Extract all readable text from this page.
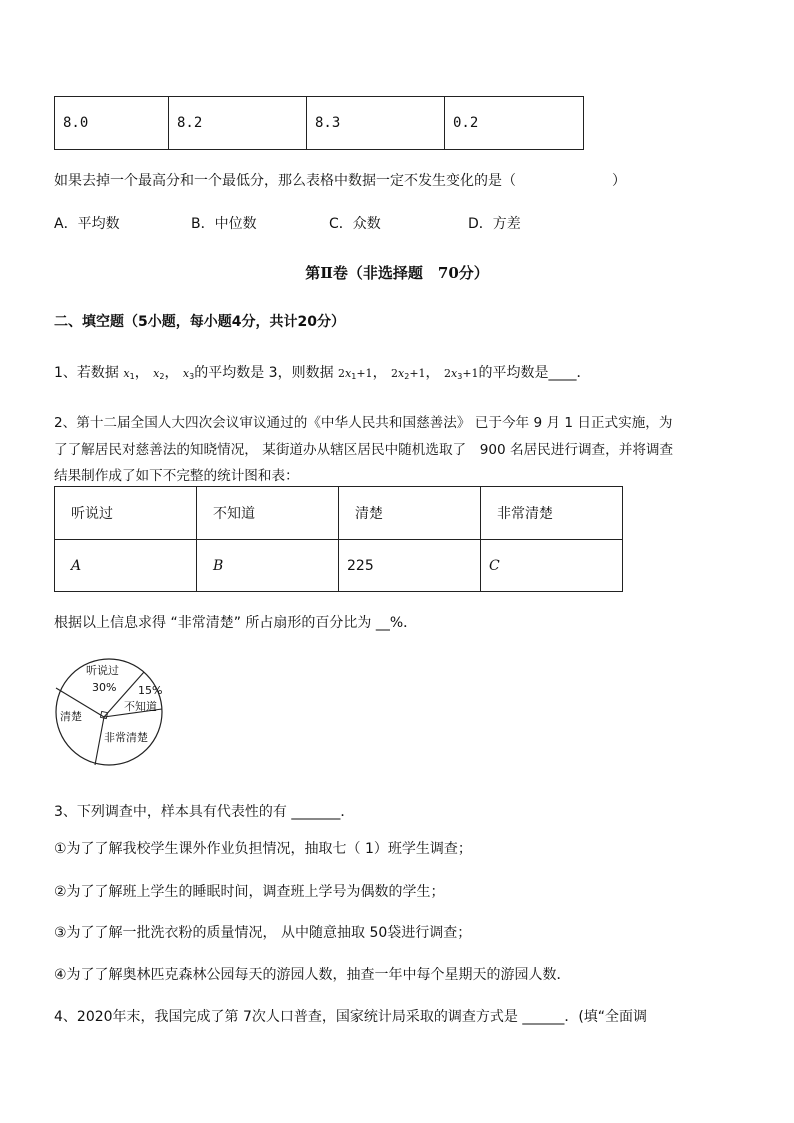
8.0	8.2	8.3	0.2
如果去掉一个最高分和一个最低分，那么表格中数据一定不发生变化的是（	）
A．平均数	B．中位数	C．众数	D．方差
第Ⅱ卷（非选择题　70分）
二、填空题（5小题，每小题4分，共计20分）
1、若数据 $x_1$， $x_2$， $x_3$的平均数是 3，则数据 $2x_1+1$， $2x_2+1$， $2x_3+1$的平均数是____．
2、第十二届全国人大四次会议审议通过的《中华人民共和国慈善法》 已于今年 9 月 1 日正式实施，为
了了解居民对慈善法的知晓情况， 某街道办从辖区居民中随机选取了　900 名居民进行调查，并将调查
结果制作成了如下不完整的统计图和表：
听说过	不知道	清楚	非常清楚
A	B	225	C
根据以上信息求得 “非常清楚” 所占扇形的百分比为 __%．
听说过
30% 15%
不知道
清楚
非常清楚
3、下列调查中，样本具有代表性的有 _______．
①为了了解我校学生课外作业负担情况，抽取七（ 1）班学生调查；
②为了了解班上学生的睡眠时间，调查班上学号为偶数的学生；
③为了了解一批洗衣粉的质量情况， 从中随意抽取 50袋进行调查；
④为了了解奥林匹克森林公园每天的游园人数，抽查一年中每个星期天的游园人数．
4、2020年末，我国完成了第 7次人口普查，国家统计局采取的调查方式是 ______．(填“全面调
